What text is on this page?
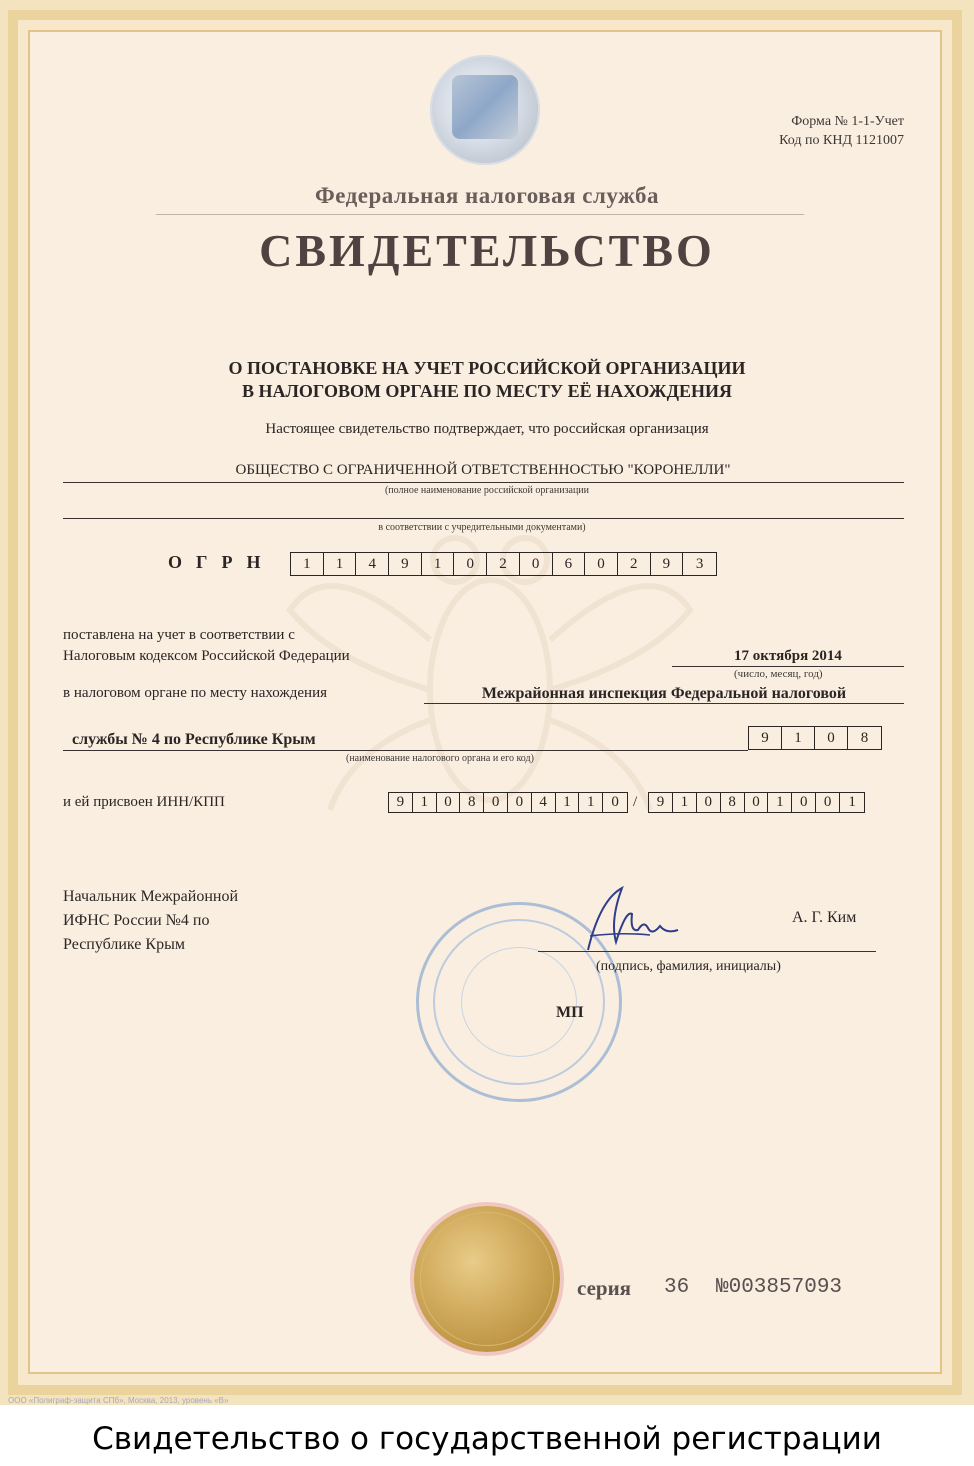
Форма № 1-1-Учет
Код по КНД 1121007
Федеральная налоговая служба
СВИДЕТЕЛЬСТВО
О ПОСТАНОВКЕ НА УЧЕТ РОССИЙСКОЙ ОРГАНИЗАЦИИ
В НАЛОГОВОМ ОРГАНЕ ПО МЕСТУ ЕЁ НАХОЖДЕНИЯ
Настоящее свидетельство подтверждает, что российская организация
ОБЩЕСТВО С ОГРАНИЧЕННОЙ ОТВЕТСТВЕННОСТЬЮ "КОРОНЕЛЛИ"
(полное наименование российской организации
в соответствии с учредительными документами)
ОГРН	1	1	4	9	1	0	2	0	6	0	2	9	3
поставлена на учет в соответствии с
Налоговым кодексом Российской Федерации	17 октября 2014
(число, месяц, год)
в налоговом органе по месту нахождения	Межрайонная инспекция Федеральной налоговой
службы № 4 по Республике Крым	9	1	0	8
(наименование налогового органа и его код)
и ей присвоен ИНН/КПП	9	1	0	8	0	0	4	1	1	0 /	9	1	0	8	0	1	0	0	1
Начальник Межрайонной
ИФНС России №4 по
Республике Крым
А. Г. Ким
(подпись, фамилия, инициалы)
МП
серия 36 №003857093
ООО «Полиграф-защита СПб», Москва, 2013, уровень «В»
Свидетельство о государственной регистрации
